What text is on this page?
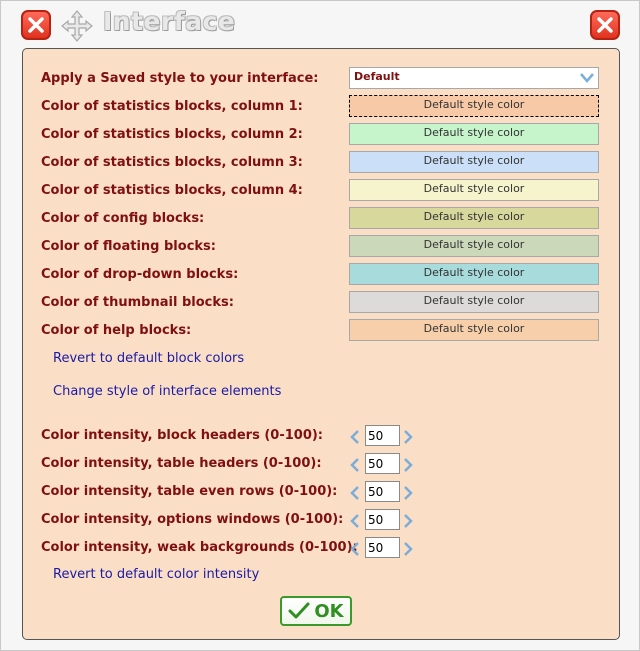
Interface
Apply a Saved style to your interface:	Default
Color of statistics blocks, column 1:	Default style color
Color of statistics blocks, column 2:	Default style color
Color of statistics blocks, column 3:	Default style color
Color of statistics blocks, column 4:	Default style color
Color of config blocks:	Default style color
Color of floating blocks:	Default style color
Color of drop-down blocks:	Default style color
Color of thumbnail blocks:	Default style color
Color of help blocks:	Default style color
Revert to default block colors
Change style of interface elements
Color intensity, block headers (0-100):
50
Color intensity, table headers (0-100):
50
Color intensity, table even rows (0-100):
50
Color intensity, options windows (0-100):
50
Color intensity, weak backgrounds (0-100):
50
Revert to default color intensity
OK
